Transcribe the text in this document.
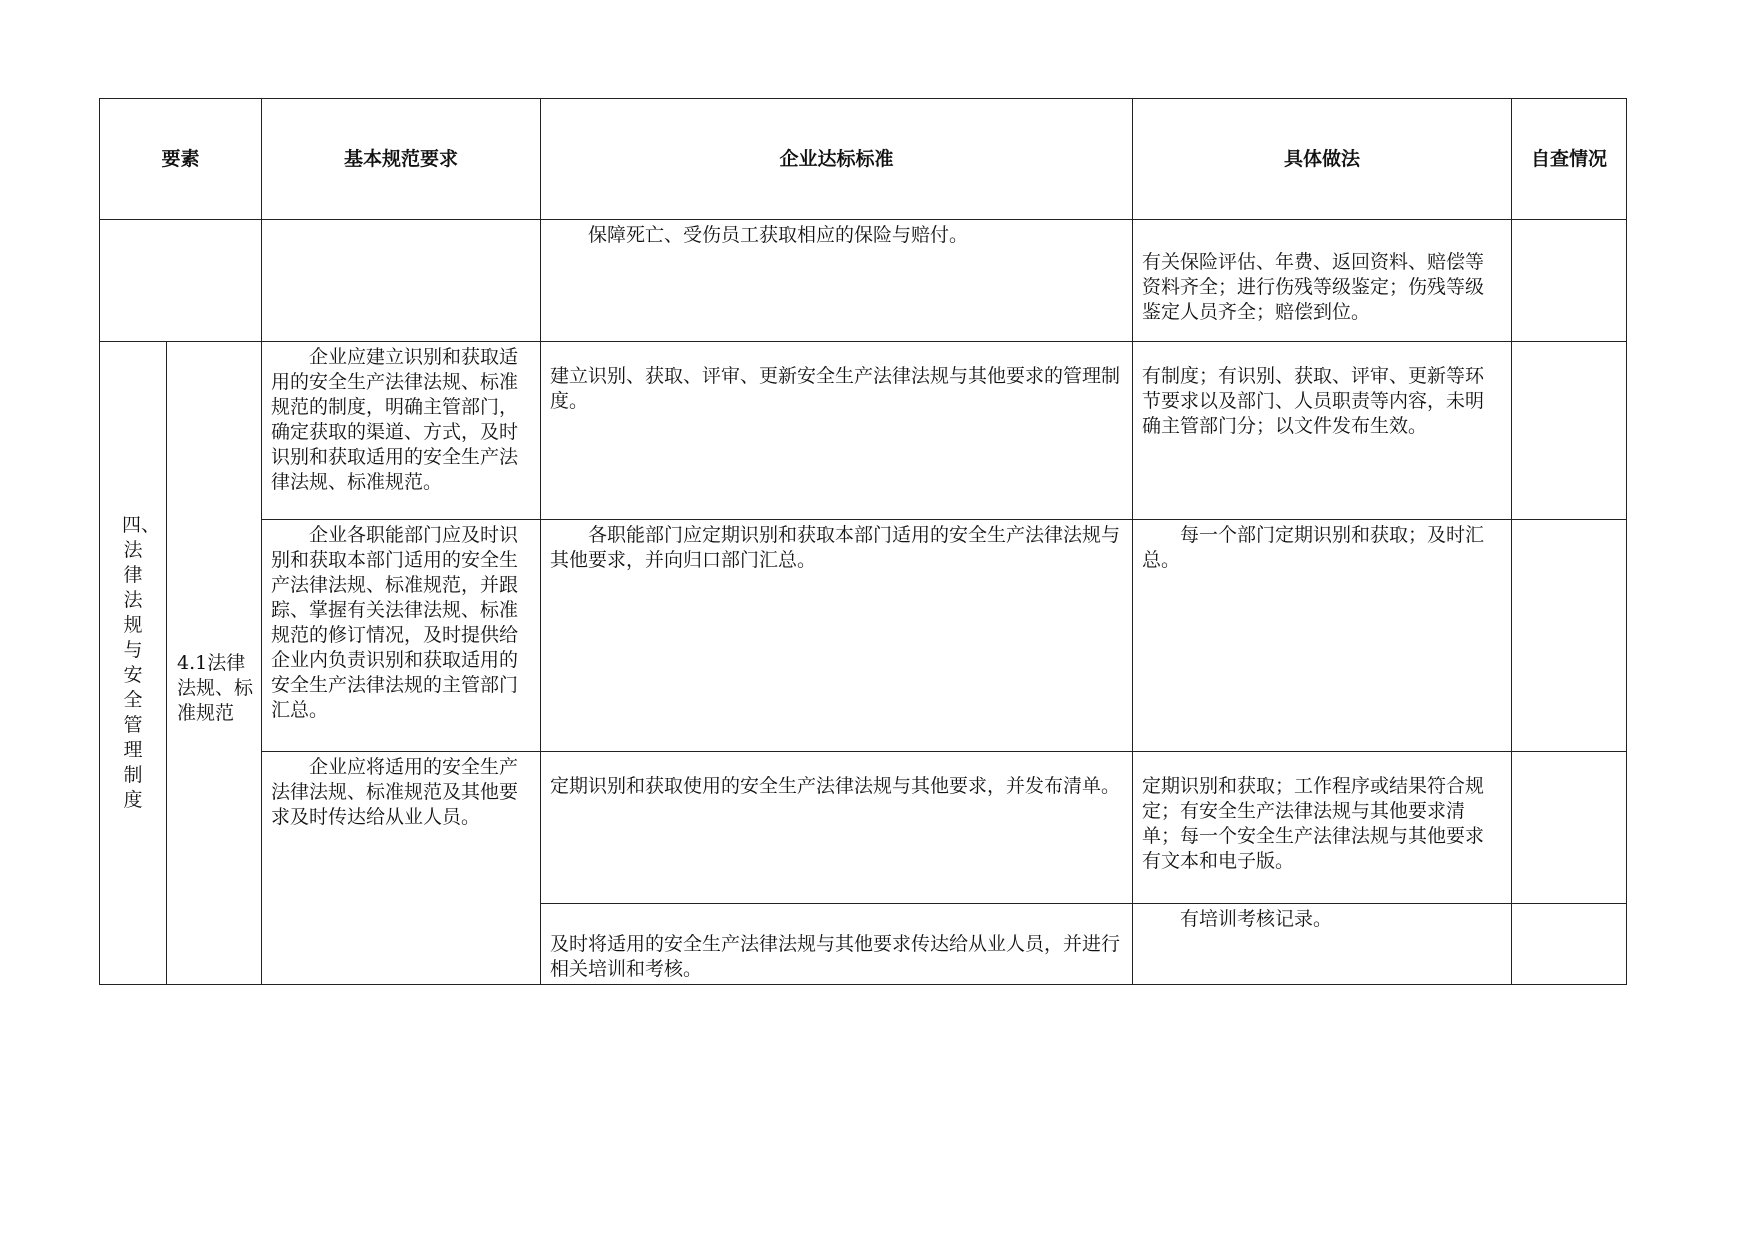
要素		基本规范要求	企业达标标准	具体做法	自查情况
			保障死亡、受伤员工获取相应的保险与赔付。	有关保险评估、年费、返回资料、赔偿等资料齐全；进行伤残等级鉴定；伤残等级鉴定人员齐全；赔偿到位。	
四、法律法规与安全管理制度	4.1法律法规、标准规范	企业应建立识别和获取适用的安全生产法律法规、标准规范的制度，明确主管部门，确定获取的渠道、方式，及时识别和获取适用的安全生产法律法规、标准规范。	建立识别、获取、评审、更新安全生产法律法规与其他要求的管理制度。	有制度；有识别、获取、评审、更新等环节要求以及部门、人员职责等内容，未明确主管部门分；以文件发布生效。	
		企业各职能部门应及时识别和获取本部门适用的安全生产法律法规、标准规范，并跟踪、掌握有关法律法规、标准规范的修订情况，及时提供给企业内负责识别和获取适用的安全生产法律法规的主管部门汇总。	各职能部门应定期识别和获取本部门适用的安全生产法律法规与其他要求，并向归口部门汇总。	每一个部门定期识别和获取；及时汇总。	
		企业应将适用的安全生产法律法规、标准规范及其他要求及时传达给从业人员。	定期识别和获取使用的安全生产法律法规与其他要求，并发布清单。	定期识别和获取；工作程序或结果符合规定；有安全生产法律法规与其他要求清单；每一个安全生产法律法规与其他要求有文本和电子版。	
			及时将适用的安全生产法律法规与其他要求传达给从业人员，并进行相关培训和考核。	有培训考核记录。	
